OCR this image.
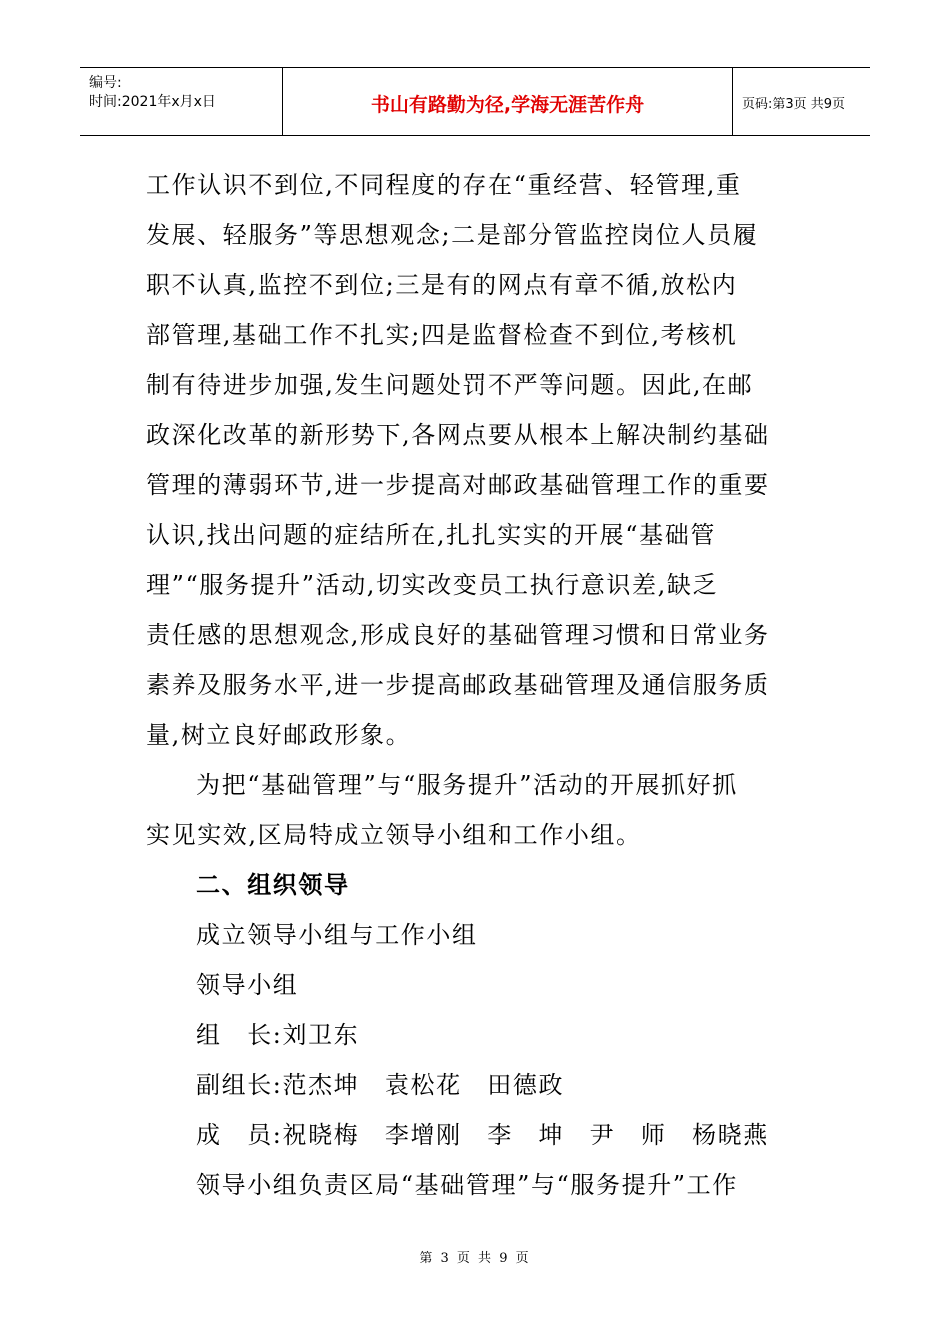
编号:
时间:2021年x月x日	书山有路勤为径,学海无涯苦作舟	页码:第3页 共9页
工作认识不到位,不同程度的存在“重经营、轻管理,重
发展、轻服务”等思想观念;二是部分管监控岗位人员履
职不认真,监控不到位;三是有的网点有章不循,放松内
部管理,基础工作不扎实;四是监督检查不到位,考核机
制有待进步加强,发生问题处罚不严等问题。因此,在邮
政深化改革的新形势下,各网点要从根本上解决制约基础
管理的薄弱环节,进一步提高对邮政基础管理工作的重要
认识,找出问题的症结所在,扎扎实实的开展“基础管
理”“服务提升”活动,切实改变员工执行意识差,缺乏
责任感的思想观念,形成良好的基础管理习惯和日常业务
素养及服务水平,进一步提高邮政基础管理及通信服务质
量,树立良好邮政形象。
为把“基础管理”与“服务提升”活动的开展抓好抓
实见实效,区局特成立领导小组和工作小组。
二、组织领导
成立领导小组与工作小组
领导小组
组　长:刘卫东
副组长:范杰坤　袁松花　田德政
成　员:祝晓梅　李增刚　李　坤　尹　师　杨晓燕
领导小组负责区局“基础管理”与“服务提升”工作
第 3 页 共 9 页
